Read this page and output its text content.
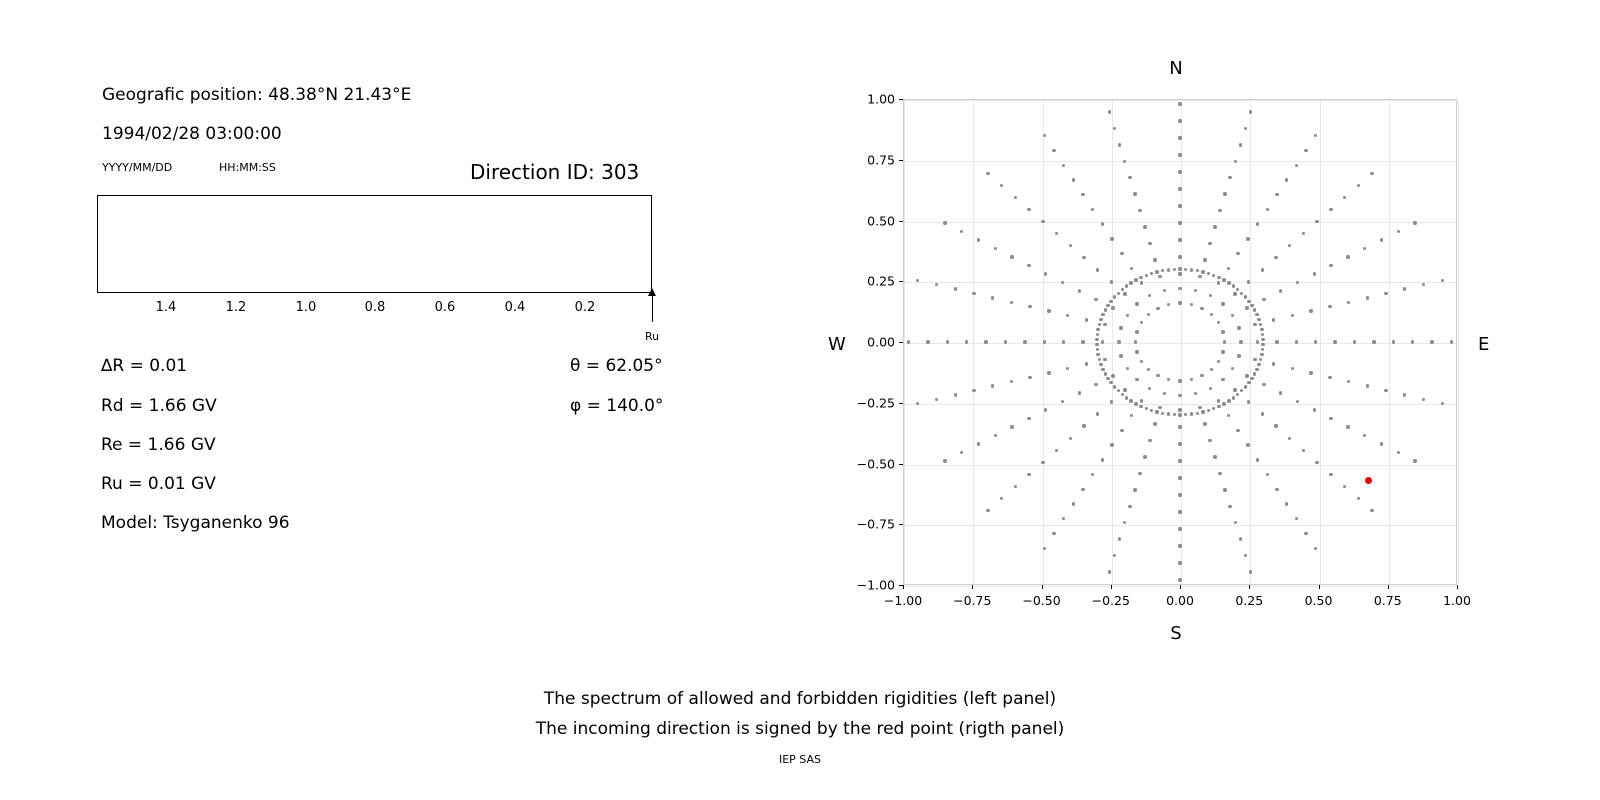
Geografic position: 48.38°N 21.43°E
1994/02/28 03:00:00
YYYY/MM/DD	HH:MM:SS	Direction ID: 303
1.4	1.2	1.0	0.8	0.6	0.4	0.2
Ru
∆R = 0.01
Rd = 1.66 GV
Re = 1.66 GV
Ru = 0.01 GV
Model: Tsyganenko 96
θ = 62.05°
φ = 140.0°
N
S
W	E
−1.00 −0.75 −0.50 −0.25	0.00	0.25	0.50	0.75	1.00
−1.00
−0.75
−0.50
−0.25
0.00
0.25
0.50
0.75
1.00
The spectrum of allowed and forbidden rigidities (left panel)
The incoming direction is signed by the red point (rigth panel)
IEP SAS
